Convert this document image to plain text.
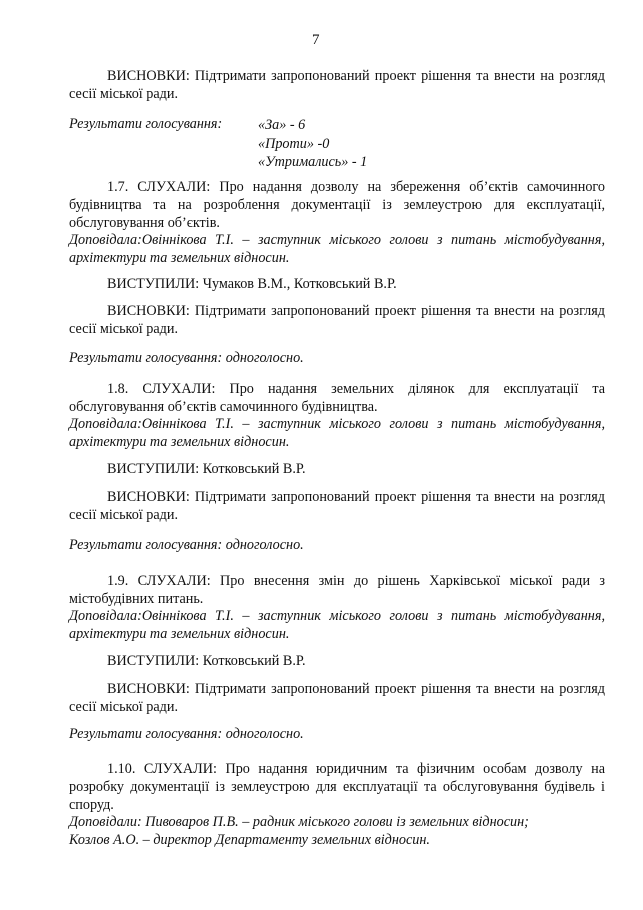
7
ВИСНОВКИ: Підтримати запропонований проект рішення та внести на розгляд сесії міської ради.
Результати голосування:	«За» - 6
«Проти» -0
«Утримались» - 1
1.7. СЛУХАЛИ: Про надання дозволу на збереження об’єктів самочинного будівництва та на розроблення документації із землеустрою для експлуатації, обслуговування об’єктів.
Доповідала:Овіннікова Т.І. – заступник міського голови з питань містобудування, архітектури та земельних відносин.
ВИСТУПИЛИ: Чумаков В.М., Котковський В.Р.
ВИСНОВКИ: Підтримати запропонований проект рішення та внести на розгляд сесії міської ради.
Результати голосування: одноголосно.
1.8. СЛУХАЛИ: Про надання земельних ділянок для експлуатації та обслуговування об’єктів самочинного будівництва.
Доповідала:Овіннікова Т.І. – заступник міського голови з питань містобудування, архітектури та земельних відносин.
ВИСТУПИЛИ: Котковський В.Р.
ВИСНОВКИ: Підтримати запропонований проект рішення та внести на розгляд сесії міської ради.
Результати голосування: одноголосно.
1.9. СЛУХАЛИ: Про внесення змін до рішень Харківської міської ради з містобудівних питань.
Доповідала:Овіннікова Т.І. – заступник міського голови з питань містобудування, архітектури та земельних відносин.
ВИСТУПИЛИ: Котковський В.Р.
ВИСНОВКИ: Підтримати запропонований проект рішення та внести на розгляд сесії міської ради.
Результати голосування: одноголосно.
1.10. СЛУХАЛИ: Про надання юридичним та фізичним особам дозволу на розробку документації із землеустрою для експлуатації та обслуговування будівель і споруд.
Доповідали: Пивоваров П.В. – радник міського голови із земельних відносин;
Козлов А.О. – директор Департаменту земельних відносин.
